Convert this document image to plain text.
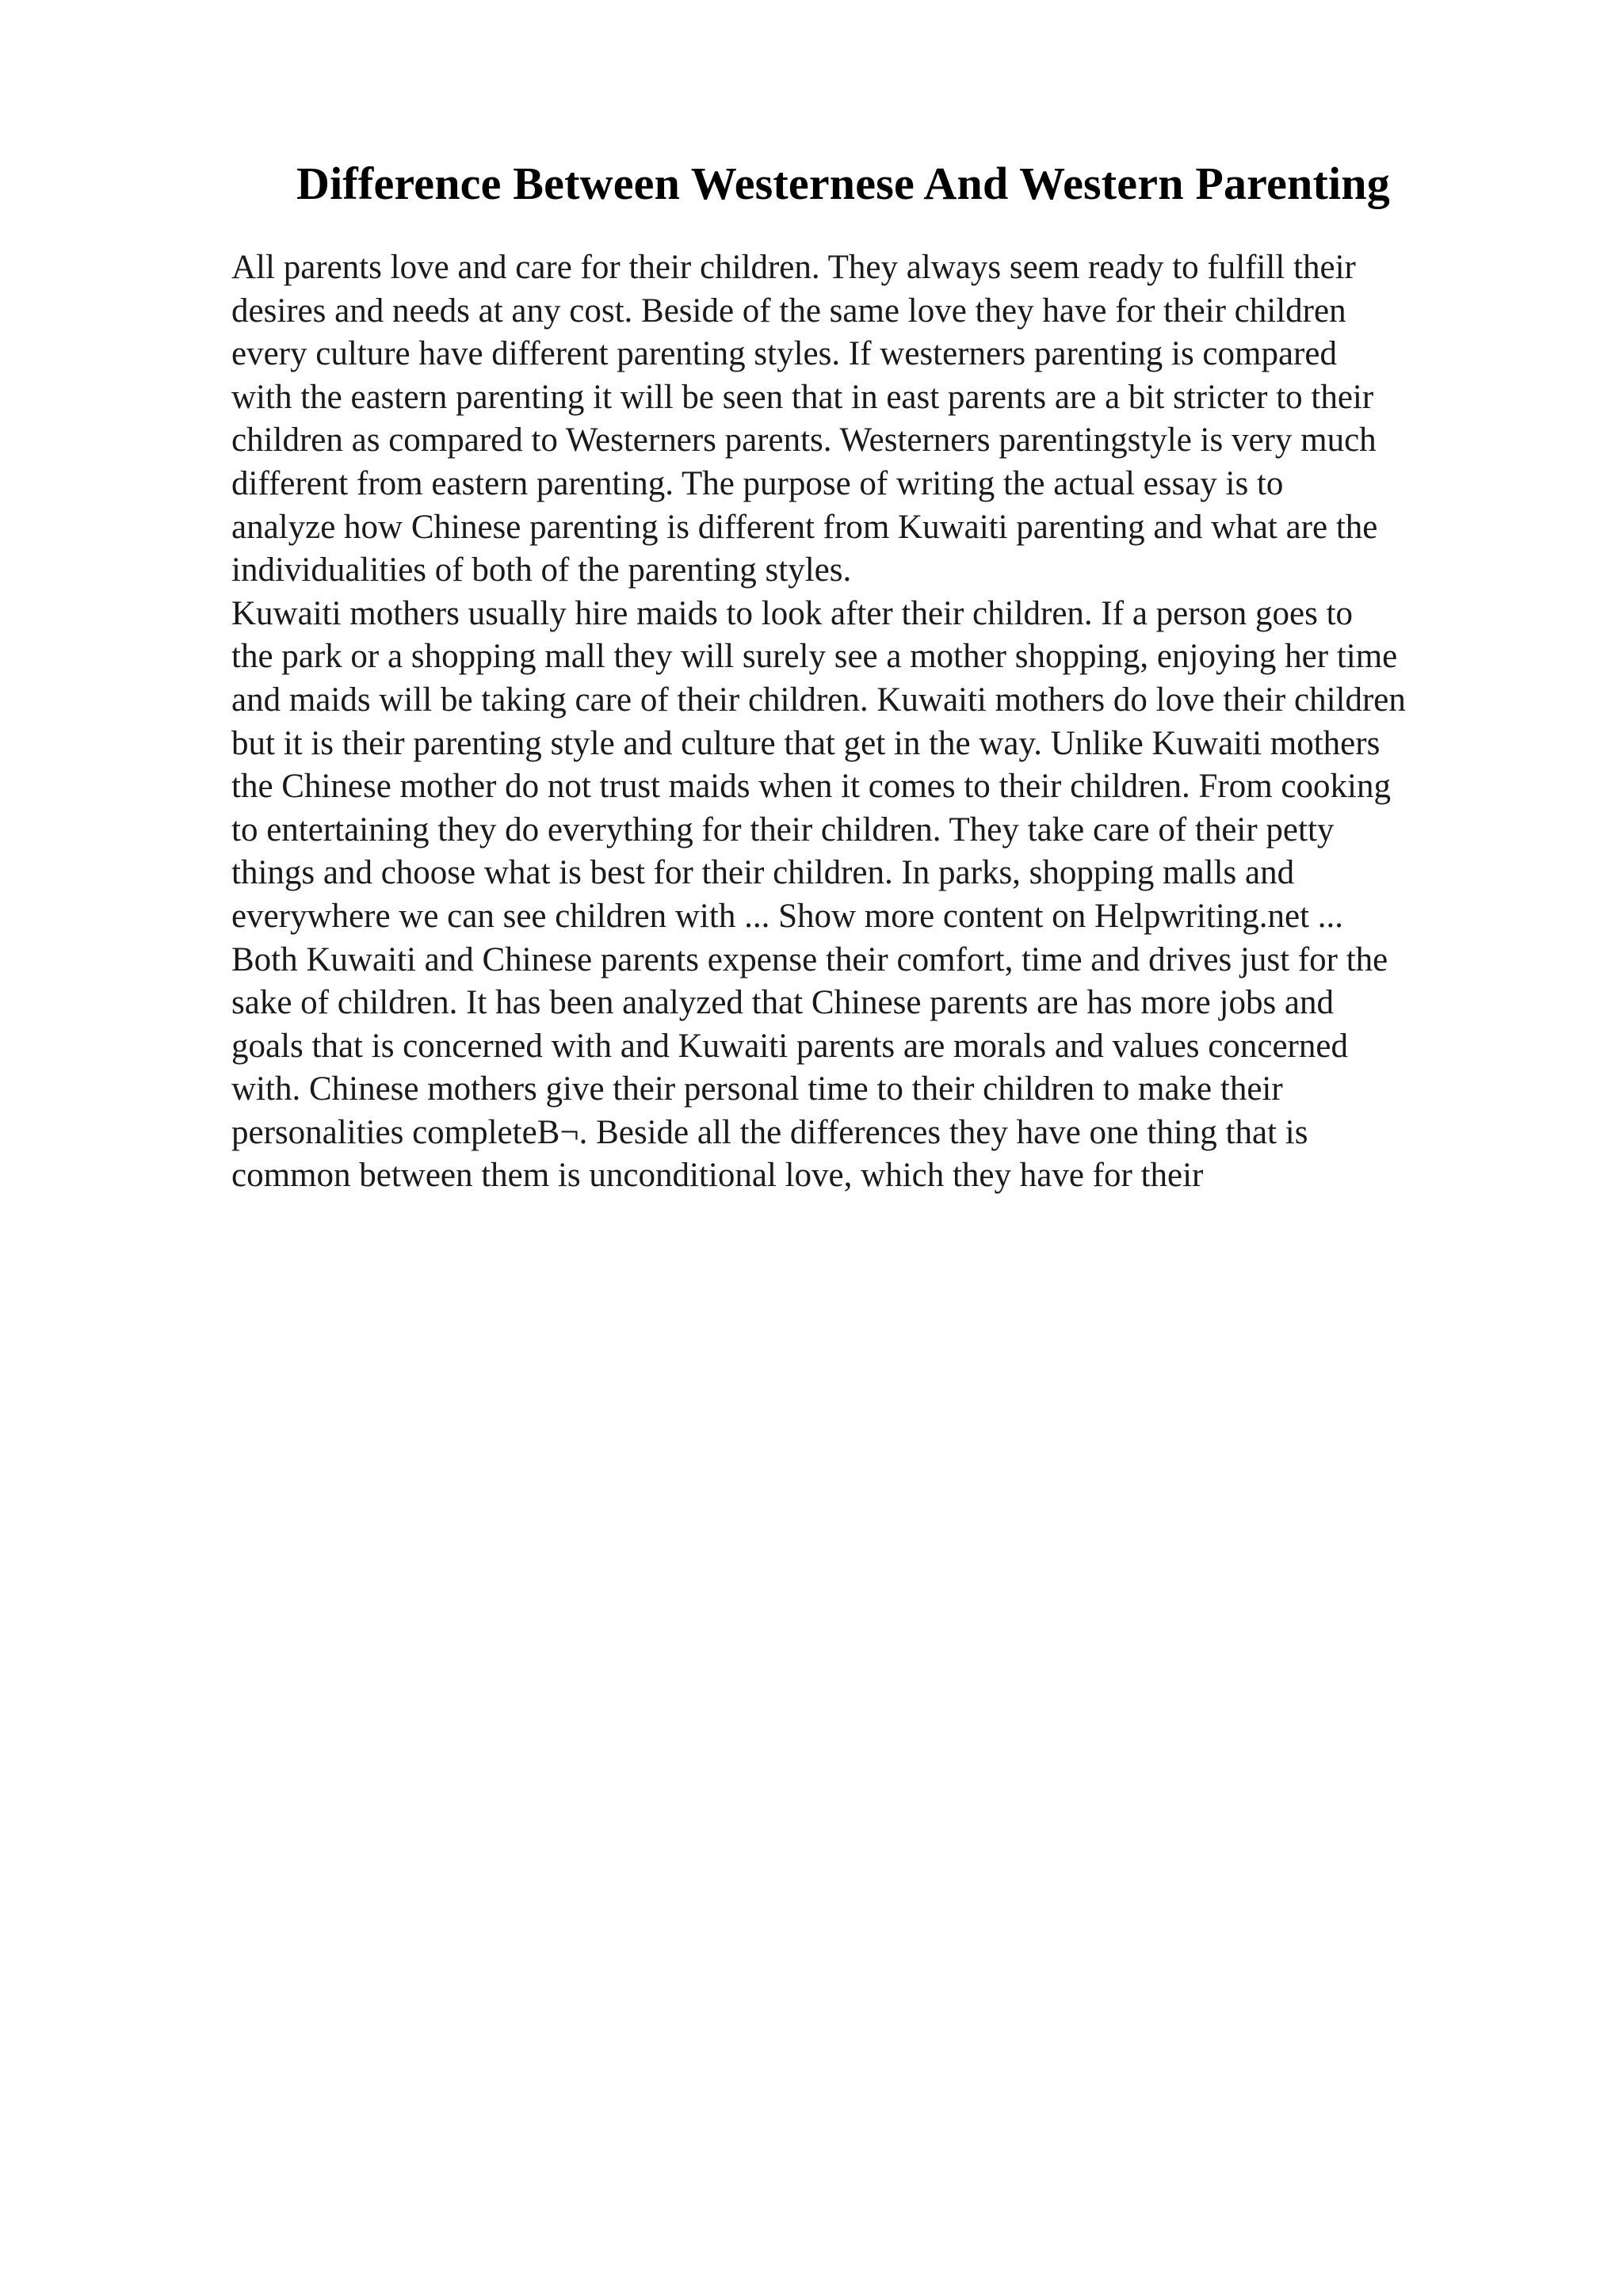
Difference Between Westernese And Western Parenting
All parents love and care for their children. They always seem ready to fulfill their
desires and needs at any cost. Beside of the same love they have for their children
every culture have different parenting styles. If westerners parenting is compared
with the eastern parenting it will be seen that in east parents are a bit stricter to their
children as compared to Westerners parents. Westerners parentingstyle is very much
different from eastern parenting. The purpose of writing the actual essay is to
analyze how Chinese parenting is different from Kuwaiti parenting and what are the
individualities of both of the parenting styles.
Kuwaiti mothers usually hire maids to look after their children. If a person goes to
the park or a shopping mall they will surely see a mother shopping, enjoying her time
and maids will be taking care of their children. Kuwaiti mothers do love their children
but it is their parenting style and culture that get in the way. Unlike Kuwaiti mothers
the Chinese mother do not trust maids when it comes to their children. From cooking
to entertaining they do everything for their children. They take care of their petty
things and choose what is best for their children. In parks, shopping malls and
everywhere we can see children with ... Show more content on Helpwriting.net ...
Both Kuwaiti and Chinese parents expense their comfort, time and drives just for the
sake of children. It has been analyzed that Chinese parents are has more jobs and
goals that is concerned with and Kuwaiti parents are morals and values concerned
with. Chinese mothers give their personal time to their children to make their
personalities completeВ¬. Beside all the differences they have one thing that is
common between them is unconditional love, which they have for their
